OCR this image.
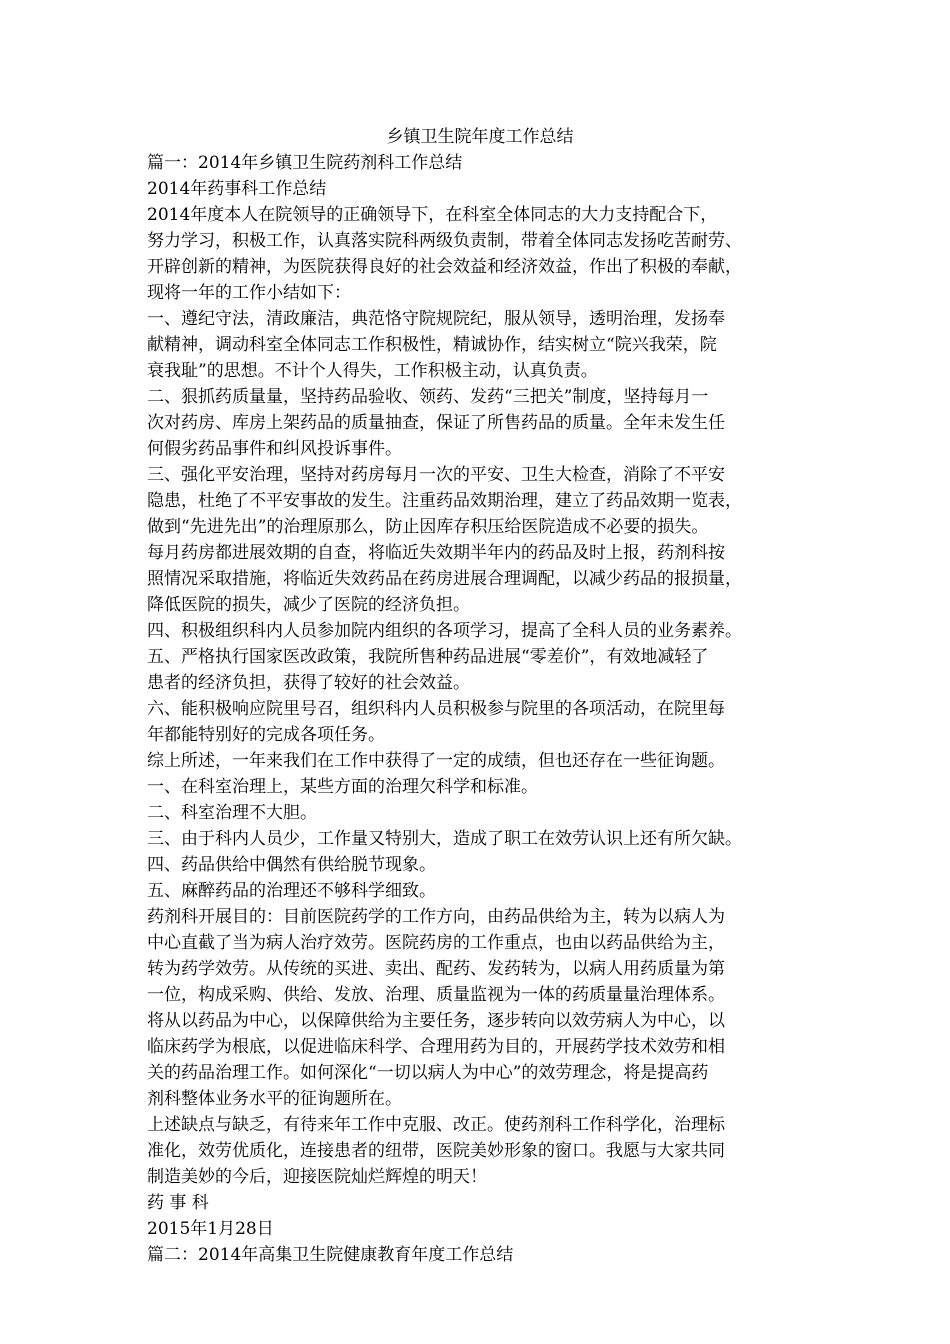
乡镇卫生院年度工作总结

篇一：2014年乡镇卫生院药剂科工作总结

2014年药事科工作总结

2014年度本人在院领导的正确领导下，在科室全体同志的大力支持配合下，

努力学习，积极工作，认真落实院科两级负责制，带着全体同志发扬吃苦耐劳、

开辟创新的精神，为医院获得良好的社会效益和经济效益，作出了积极的奉献，

现将一年的工作小结如下：

一、遵纪守法，清政廉洁，典范恪守院规院纪，服从领导，透明治理，发扬奉

献精神，调动科室全体同志工作积极性，精诚协作，结实树立“院兴我荣，院

衰我耻”的思想。不计个人得失，工作积极主动，认真负责。

二、狠抓药质量量，坚持药品验收、领药、发药“三把关”制度，坚持每月一

次对药房、库房上架药品的质量抽查，保证了所售药品的质量。全年未发生任

何假劣药品事件和纠风投诉事件。

三、强化平安治理，坚持对药房每月一次的平安、卫生大检查，消除了不平安

隐患，杜绝了不平安事故的发生。注重药品效期治理，建立了药品效期一览表，

做到“先进先出”的治理原那么，防止因库存积压给医院造成不必要的损失。

每月药房都进展效期的自查，将临近失效期半年内的药品及时上报，药剂科按

照情况采取措施，将临近失效药品在药房进展合理调配，以减少药品的报损量，

降低医院的损失，减少了医院的经济负担。

四、积极组织科内人员参加院内组织的各项学习，提高了全科人员的业务素养。

五、严格执行国家医改政策，我院所售种药品进展“零差价”，有效地减轻了

患者的经济负担，获得了较好的社会效益。

六、能积极响应院里号召，组织科内人员积极参与院里的各项活动，在院里每

年都能特别好的完成各项任务。

综上所述，一年来我们在工作中获得了一定的成绩，但也还存在一些征询题。

一、在科室治理上，某些方面的治理欠科学和标准。

二、科室治理不大胆。

三、由于科内人员少，工作量又特别大，造成了职工在效劳认识上还有所欠缺。

四、药品供给中偶然有供给脱节现象。

五、麻醉药品的治理还不够科学细致。

药剂科开展目的：目前医院药学的工作方向，由药品供给为主，转为以病人为

中心直截了当为病人治疗效劳。医院药房的工作重点，也由以药品供给为主，

转为药学效劳。从传统的买进、卖出、配药、发药转为，以病人用药质量为第

一位，构成采购、供给、发放、治理、质量监视为一体的药质量量治理体系。

将从以药品为中心，以保障供给为主要任务，逐步转向以效劳病人为中心，以

临床药学为根底，以促进临床科学、合理用药为目的，开展药学技术效劳和相

关的药品治理工作。如何深化“一切以病人为中心”的效劳理念，将是提高药

剂科整体业务水平的征询题所在。

上述缺点与缺乏，有待来年工作中克服、改正。使药剂科工作科学化，治理标

准化，效劳优质化，连接患者的纽带，医院美妙形象的窗口。我愿与大家共同

制造美妙的今后，迎接医院灿烂辉煌的明天！

药 事 科

2015年1月28日

篇二：2014年高集卫生院健康教育年度工作总结
